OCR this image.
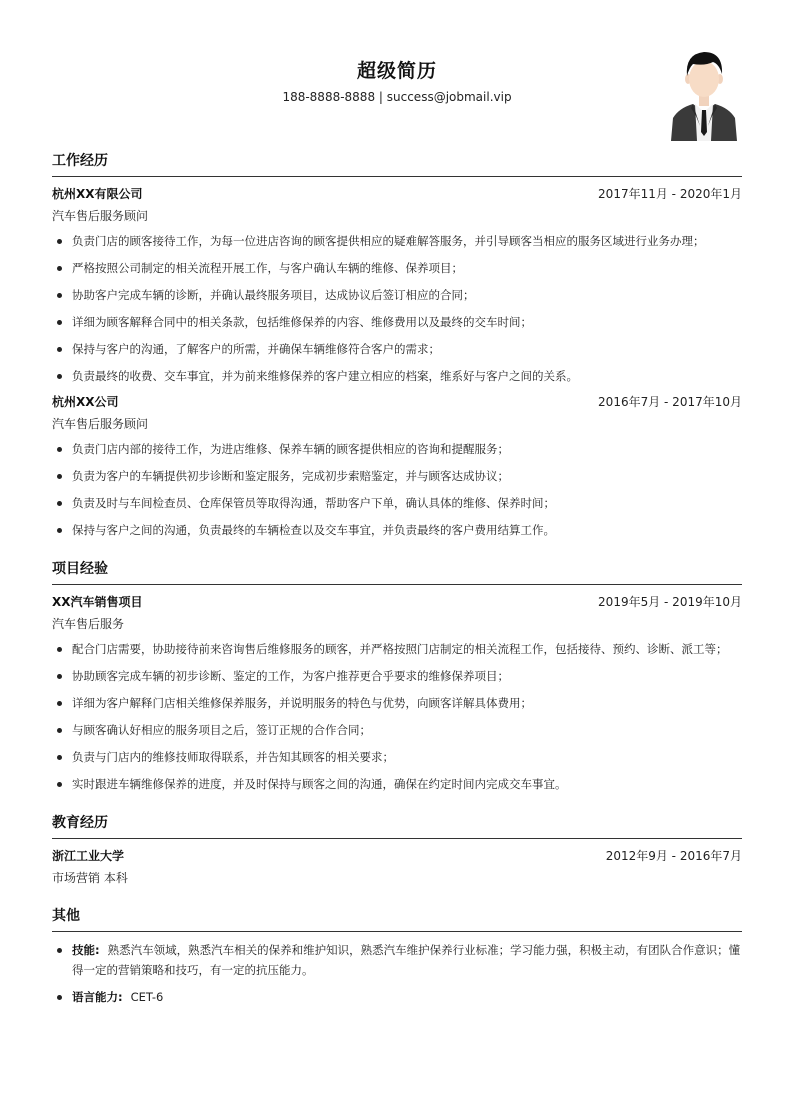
超级简历
188-8888-8888 | success@jobmail.vip
工作经历
杭州XX有限公司	2017年11月 - 2020年1月
汽车售后服务顾问
负责门店的顾客接待工作，为每一位进店咨询的顾客提供相应的疑难解答服务，并引导顾客当相应的服务区域进行业务办理；
严格按照公司制定的相关流程开展工作，与客户确认车辆的维修、保养项目；
协助客户完成车辆的诊断，并确认最终服务项目，达成协议后签订相应的合同；
详细为顾客解释合同中的相关条款，包括维修保养的内容、维修费用以及最终的交车时间；
保持与客户的沟通，了解客户的所需，并确保车辆维修符合客户的需求；
负责最终的收费、交车事宜，并为前来维修保养的客户建立相应的档案，维系好与客户之间的关系。
杭州XX公司	2016年7月 - 2017年10月
汽车售后服务顾问
负责门店内部的接待工作，为进店维修、保养车辆的顾客提供相应的咨询和提醒服务；
负责为客户的车辆提供初步诊断和鉴定服务，完成初步索赔鉴定，并与顾客达成协议；
负责及时与车间检查员、仓库保管员等取得沟通，帮助客户下单，确认具体的维修、保养时间；
保持与客户之间的沟通，负责最终的车辆检查以及交车事宜，并负责最终的客户费用结算工作。
项目经验
XX汽车销售项目	2019年5月 - 2019年10月
汽车售后服务
配合门店需要，协助接待前来咨询售后维修服务的顾客，并严格按照门店制定的相关流程工作，包括接待、预约、诊断、派工等；
协助顾客完成车辆的初步诊断、鉴定的工作，为客户推荐更合乎要求的维修保养项目；
详细为客户解释门店相关维修保养服务，并说明服务的特色与优势，向顾客详解具体费用；
与顾客确认好相应的服务项目之后，签订正规的合作合同；
负责与门店内的维修技师取得联系，并告知其顾客的相关要求；
实时跟进车辆维修保养的进度，并及时保持与顾客之间的沟通，确保在约定时间内完成交车事宜。
教育经历
浙江工业大学	2012年9月 - 2016年7月
市场营销 本科
其他
技能: 熟悉汽车领域，熟悉汽车相关的保养和维护知识，熟悉汽车维护保养行业标准；学习能力强，积极主动，有团队合作意识；懂得一定的营销策略和技巧，有一定的抗压能力。
语言能力: CET-6
